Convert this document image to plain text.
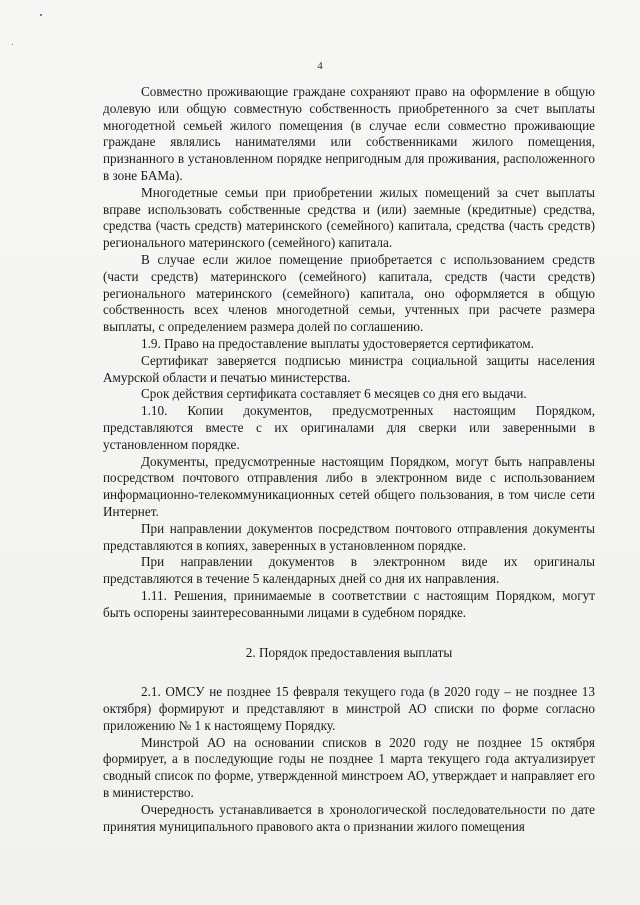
4

Совместно проживающие граждане сохраняют право на оформление в общую долевую или общую совместную собственность приобретенного за счет выплаты многодетной семьей жилого помещения (в случае если совместно проживающие граждане являлись нанимателями или собственниками жилого помещения, признанного в установленном порядке непригодным для проживания, расположенного в зоне БАМа).

Многодетные семьи при приобретении жилых помещений за счет выплаты вправе использовать собственные средства и (или) заемные (кредитные) средства, средства (часть средств) материнского (семейного) капитала, средства (часть средств) регионального материнского (семейного) капитала.

В случае если жилое помещение приобретается с использованием средств (части средств) материнского (семейного) капитала, средств (части средств) регионального материнского (семейного) капитала, оно оформляется в общую собственность всех членов многодетной семьи, учтенных при расчете размера выплаты, с определением размера долей по соглашению.

1.9. Право на предоставление выплаты удостоверяется сертификатом.

Сертификат заверяется подписью министра социальной защиты населения Амурской области и печатью министерства.

Срок действия сертификата составляет 6 месяцев со дня его выдачи.

1.10. Копии документов, предусмотренных настоящим Порядком, представляются вместе с их оригиналами для сверки или заверенными в установленном порядке.

Документы, предусмотренные настоящим Порядком, могут быть направлены посредством почтового отправления либо в электронном виде с использованием информационно-телекоммуникационных сетей общего пользования, в том числе сети Интернет.

При направлении документов посредством почтового отправления документы представляются в копиях, заверенных в установленном порядке.

При направлении документов в электронном виде их оригиналы представляются в течение 5 календарных дней со дня их направления.

1.11. Решения, принимаемые в соответствии с настоящим Порядком, могут быть оспорены заинтересованными лицами в судебном порядке.

2. Порядок предоставления выплаты

2.1. ОМСУ не позднее 15 февраля текущего года (в 2020 году – не позднее 13 октября) формируют и представляют в минстрой АО списки по форме согласно приложению № 1 к настоящему Порядку.

Минстрой АО на основании списков в 2020 году не позднее 15 октября формирует, а в последующие годы не позднее 1 марта текущего года актуализирует сводный список по форме, утвержденной минстроем АО, утверждает и направляет его в министерство.

Очередность устанавливается в хронологической последовательности по дате принятия муниципального правового акта о признании жилого помещения
